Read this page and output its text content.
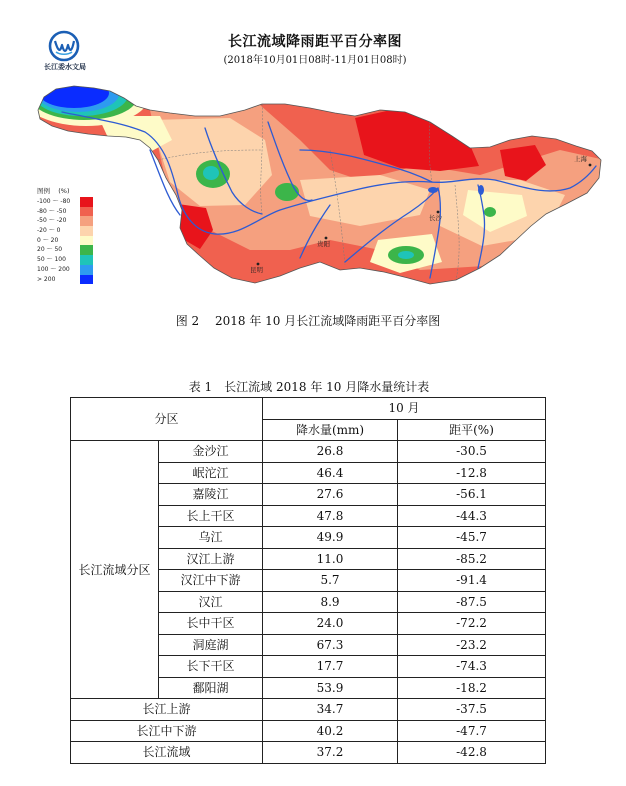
长江委水文局
长江流域降雨距平百分率图
(2018年10月01日08时-11月01日08时)
上海
长沙
贵阳
昆明
图例    (%)
-100 ～ -80
-80 ～ -50
-50 ～ -20
-20 ～ 0
0 ～ 20
20 ～ 50
50 ～ 100
100 ～ 200
> 200
图 2　 2018 年 10 月长江流域降雨距平百分率图
表 1　长江流域 2018 年 10 月降水量统计表
分区		10 月	
		降水量(mm)	距平(%)
长江流域分区	金沙江	26.8	-30.5
	岷沱江	46.4	-12.8
	嘉陵江	27.6	-56.1
	长上干区	47.8	-44.3
	乌江	49.9	-45.7
	汉江上游	11.0	-85.2
	汉江中下游	5.7	-91.4
	汉江	8.9	-87.5
	长中干区	24.0	-72.2
	洞庭湖	67.3	-23.2
	长下干区	17.7	-74.3
	鄱阳湖	53.9	-18.2
长江上游		34.7	-37.5
长江中下游		40.2	-47.7
长江流域		37.2	-42.8
